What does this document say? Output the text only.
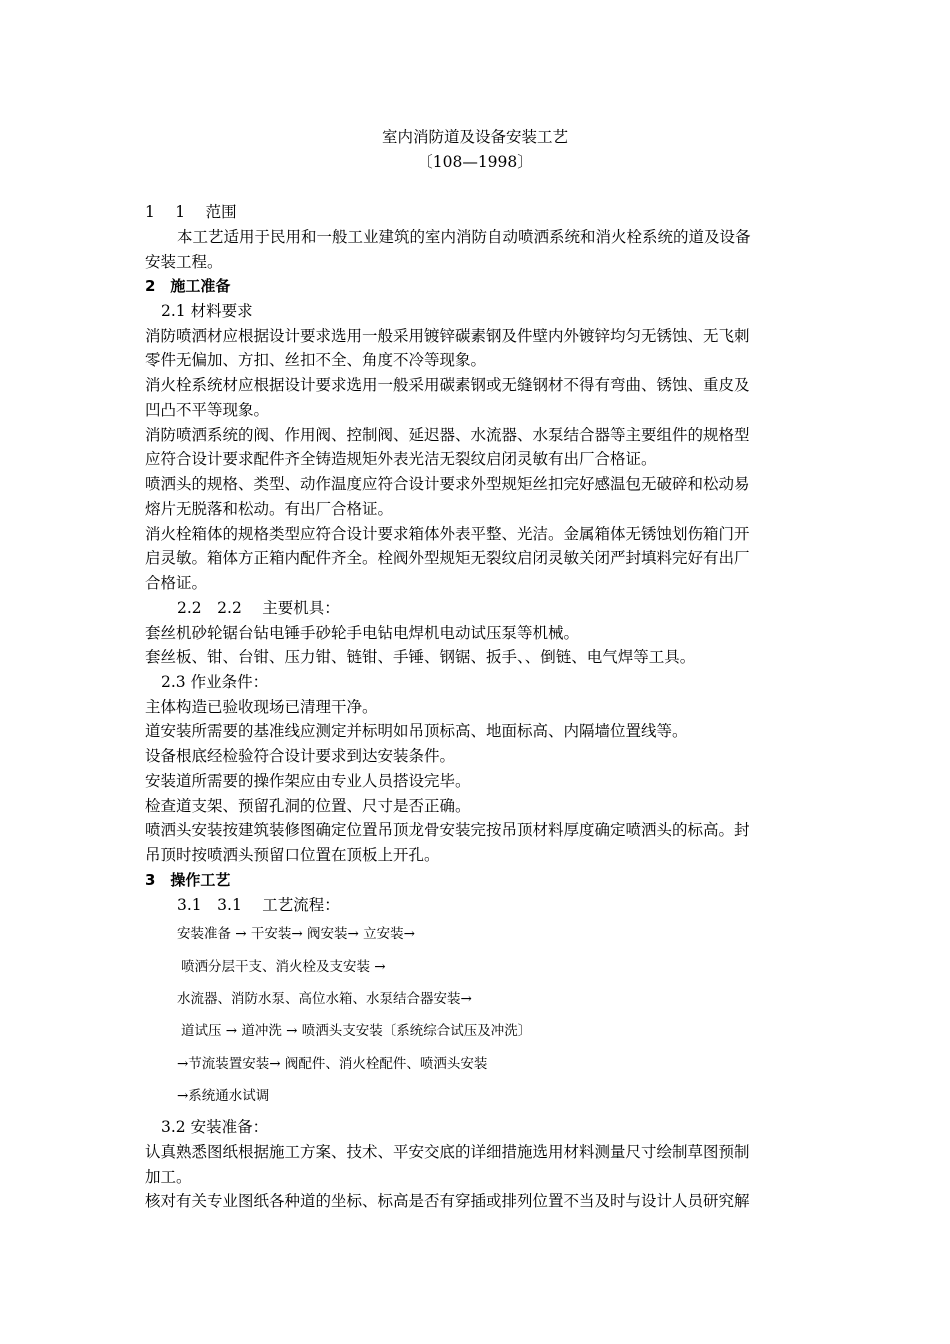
室内消防道及设备安装工艺
〔108—1998〕
1　 1　 范围
本工艺适用于民用和一般工业建筑的室内消防自动喷洒系统和消火栓系统的道及设备
安装工程。
2　施工准备
2.1 材料要求
消防喷洒材应根据设计要求选用一般采用镀锌碳素钢及件壁内外镀锌均匀无锈蚀、无飞刺
零件无偏加、方扣、丝扣不全、角度不冷等现象。
消火栓系统材应根据设计要求选用一般采用碳素钢或无缝钢材不得有弯曲、锈蚀、重皮及
凹凸不平等现象。
消防喷洒系统的阀、作用阀、控制阀、延迟器、水流器、水泵结合器等主要组件的规格型
应符合设计要求配件齐全铸造规矩外表光洁无裂纹启闭灵敏有出厂合格证。
喷洒头的规格、类型、动作温度应符合设计要求外型规矩丝扣完好感温包无破碎和松动易
熔片无脱落和松动。有出厂合格证。
消火栓箱体的规格类型应符合设计要求箱体外表平整、光洁。金属箱体无锈蚀划伤箱门开
启灵敏。箱体方正箱内配件齐全。栓阀外型规矩无裂纹启闭灵敏关闭严封填料完好有出厂
合格证。
2.2　2.2　 主要机具：
套丝机砂轮锯台钻电锤手砂轮手电钻电焊机电动试压泵等机械。
套丝板、钳、台钳、压力钳、链钳、手锤、钢锯、扳手、、倒链、电气焊等工具。
2.3 作业条件：
主体构造已验收现场已清理干净。
道安装所需要的基准线应测定并标明如吊顶标高、地面标高、内隔墙位置线等。
设备根底经检验符合设计要求到达安装条件。
安装道所需要的操作架应由专业人员搭设完毕。
检查道支架、预留孔洞的位置、尺寸是否正确。
喷洒头安装按建筑装修图确定位置吊顶龙骨安装完按吊顶材料厚度确定喷洒头的标高。封
吊顶时按喷洒头预留口位置在顶板上开孔。
3　操作工艺
3.1　3.1　 工艺流程：
安装准备 → 干安装→ 阀安装→ 立安装→
喷洒分层干支、消火栓及支安装 →
水流器、消防水泵、高位水箱、水泵结合器安装→
道试压 → 道冲洗 → 喷洒头支安装〔系统综合试压及冲洗〕
→节流装置安装→ 阀配件、消火栓配件、喷洒头安装
→系统通水试调
3.2 安装准备：
认真熟悉图纸根据施工方案、技术、平安交底的详细措施选用材料测量尺寸绘制草图预制
加工。
核对有关专业图纸各种道的坐标、标高是否有穿插或排列位置不当及时与设计人员研究解
